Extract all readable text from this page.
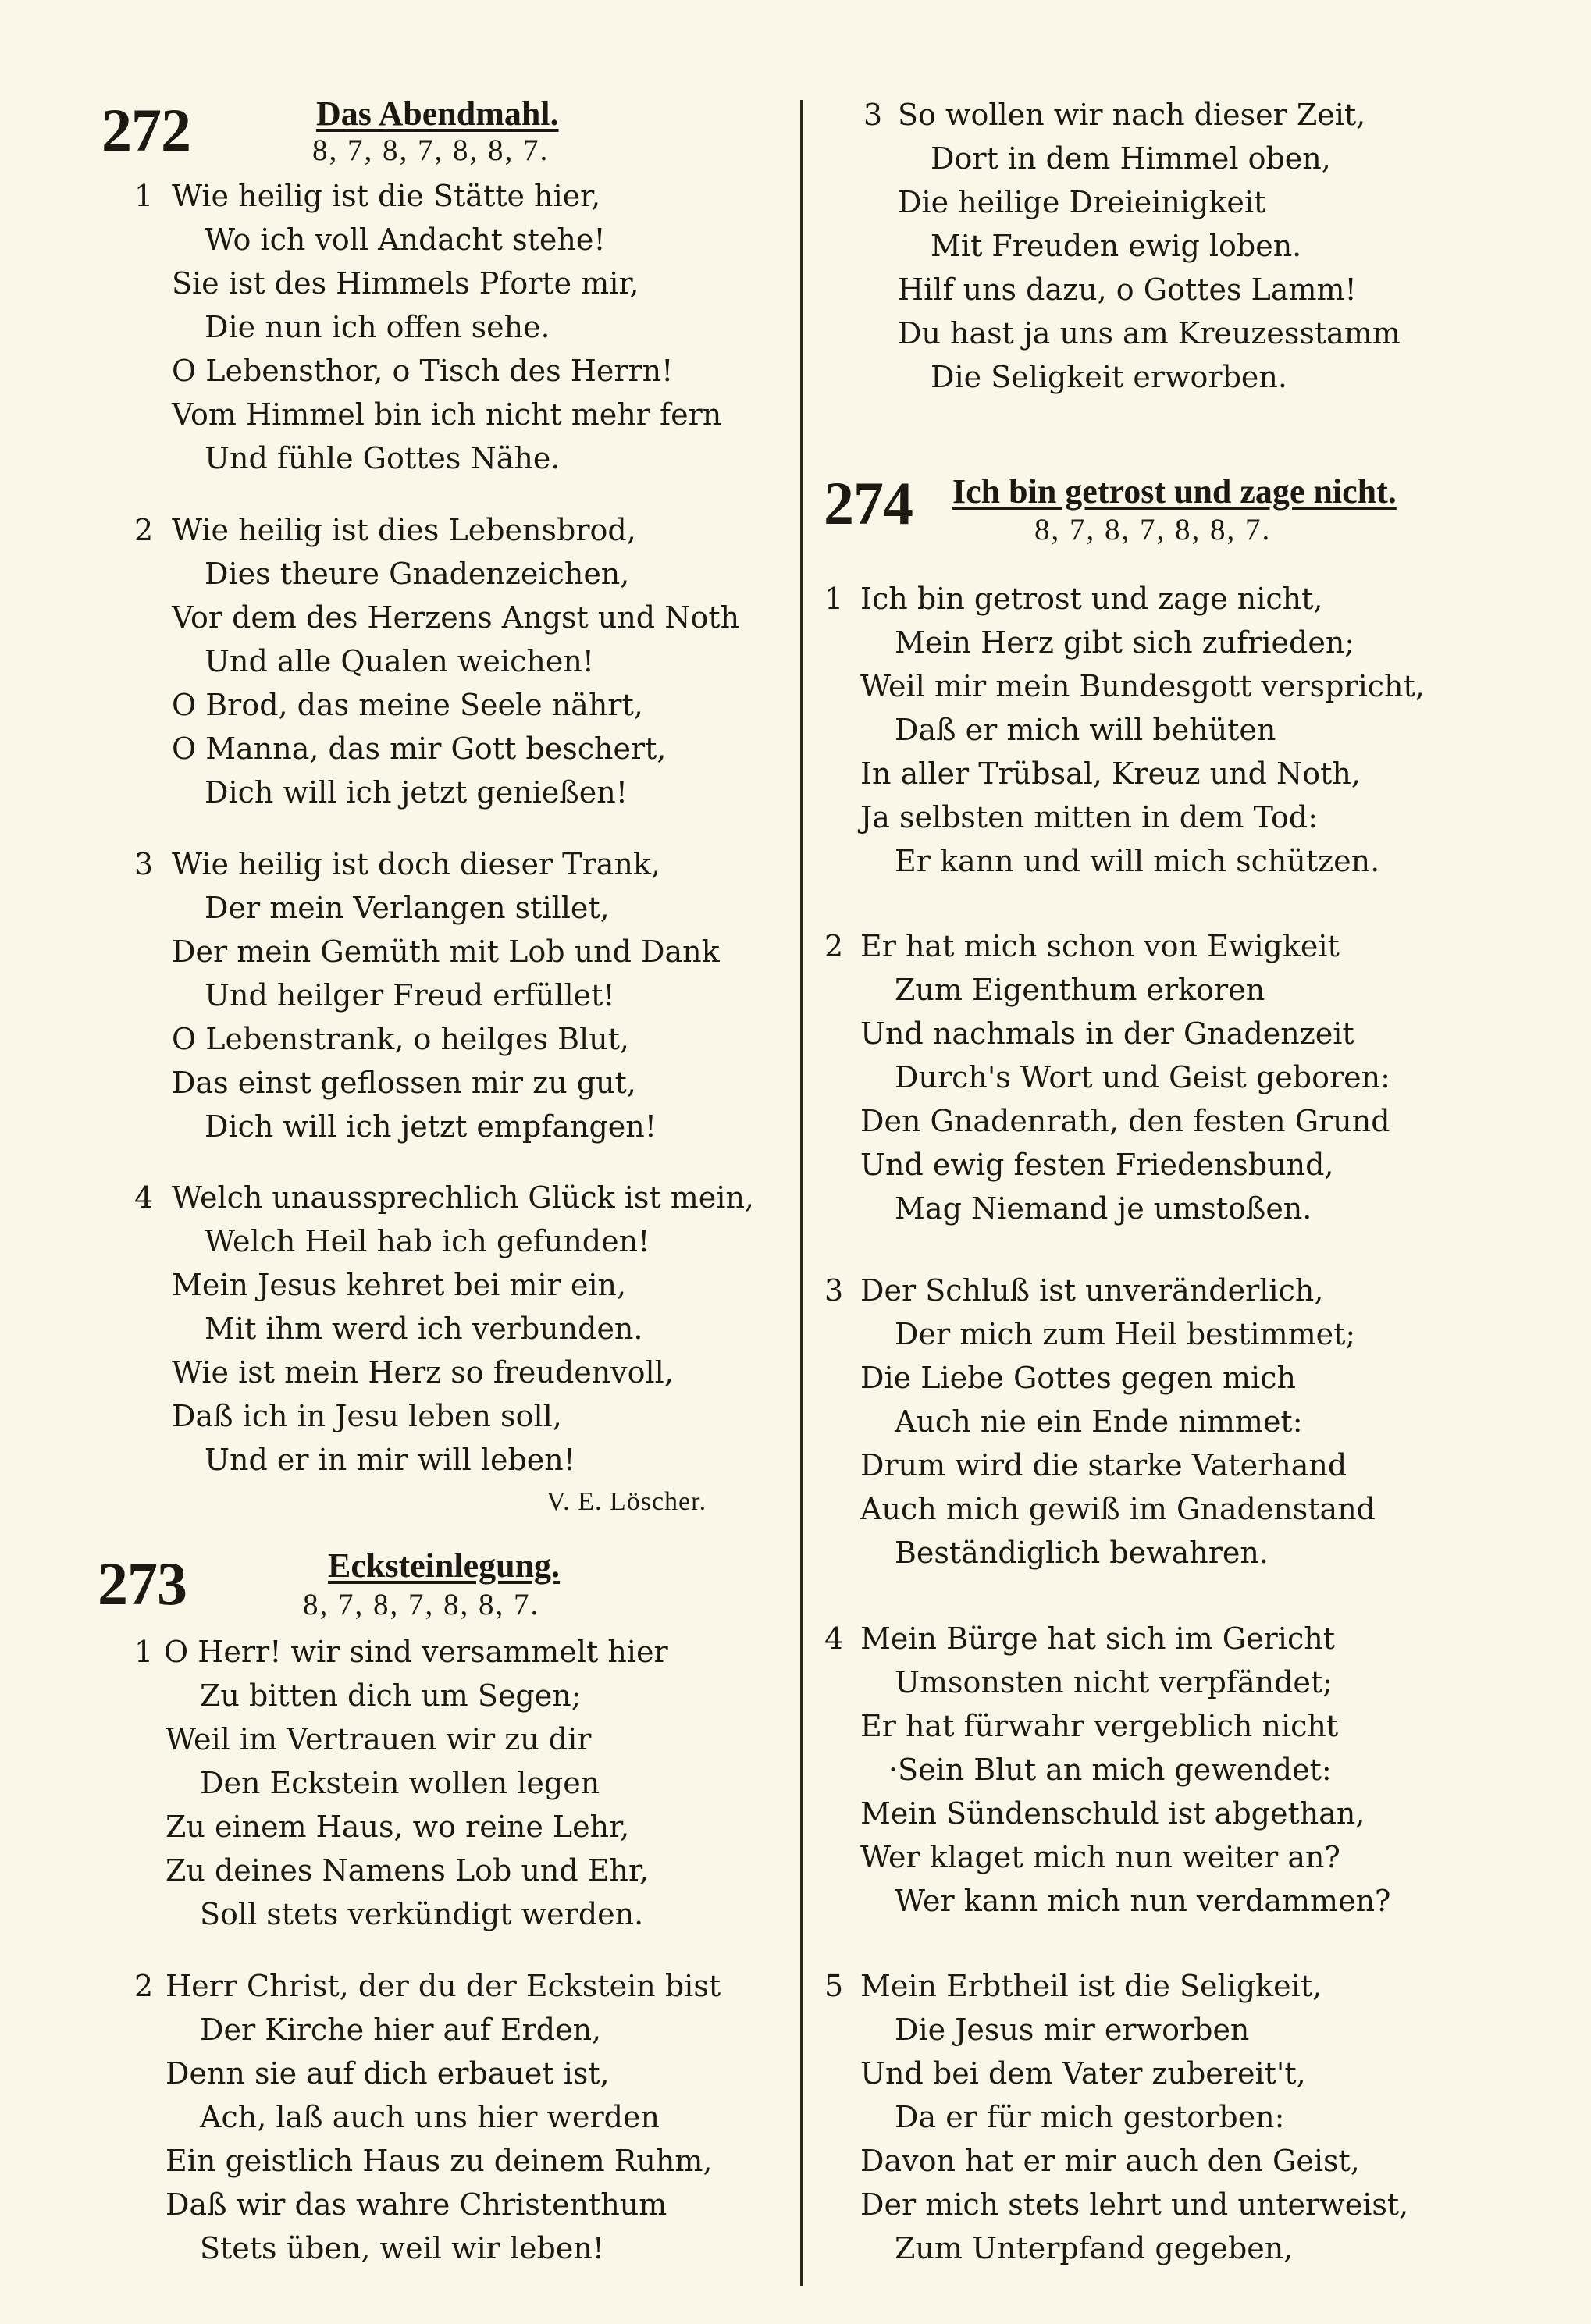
272	Das Abendmahl.
8, 7, 8, 7, 8, 8, 7.
1 Wie heilig ist die Stätte hier,
Wo ich voll Andacht stehe!
Sie ist des Himmels Pforte mir,
Die nun ich offen sehe.
O Lebensthor, o Tisch des Herrn!
Vom Himmel bin ich nicht mehr fern
Und fühle Gottes Nähe.
2 Wie heilig ist dies Lebensbrod,
Dies theure Gnadenzeichen,
Vor dem des Herzens Angst und Noth
Und alle Qualen weichen!
O Brod, das meine Seele nährt,
O Manna, das mir Gott beschert,
Dich will ich jetzt genießen!
3 Wie heilig ist doch dieser Trank,
Der mein Verlangen stillet,
Der mein Gemüth mit Lob und Dank
Und heilger Freud erfüllet!
O Lebenstrank, o heilges Blut,
Das einst geflossen mir zu gut,
Dich will ich jetzt empfangen!
4 Welch unaussprechlich Glück ist mein,
Welch Heil hab ich gefunden!
Mein Jesus kehret bei mir ein,
Mit ihm werd ich verbunden.
Wie ist mein Herz so freudenvoll,
Daß ich in Jesu leben soll,
Und er in mir will leben!
V. E. Löscher.
273	Ecksteinlegung.
8, 7, 8, 7, 8, 8, 7.
1 O Herr! wir sind versammelt hier
Zu bitten dich um Segen;
Weil im Vertrauen wir zu dir
Den Eckstein wollen legen
Zu einem Haus, wo reine Lehr,
Zu deines Namens Lob und Ehr,
Soll stets verkündigt werden.
2 Herr Christ, der du der Eckstein bist
Der Kirche hier auf Erden,
Denn sie auf dich erbauet ist,
Ach, laß auch uns hier werden
Ein geistlich Haus zu deinem Ruhm,
Daß wir das wahre Christenthum
Stets üben, weil wir leben!
3 So wollen wir nach dieser Zeit,
Dort in dem Himmel oben,
Die heilige Dreieinigkeit
Mit Freuden ewig loben.
Hilf uns dazu, o Gottes Lamm!
Du hast ja uns am Kreuzesstamm
Die Seligkeit erworben.
274 Ich bin getrost und zage nicht.
8, 7, 8, 7, 8, 8, 7.
1 Ich bin getrost und zage nicht,
Mein Herz gibt sich zufrieden;
Weil mir mein Bundesgott verspricht,
Daß er mich will behüten
In aller Trübsal, Kreuz und Noth,
Ja selbsten mitten in dem Tod:
Er kann und will mich schützen.
2 Er hat mich schon von Ewigkeit
Zum Eigenthum erkoren
Und nachmals in der Gnadenzeit
Durch's Wort und Geist geboren:
Den Gnadenrath, den festen Grund
Und ewig festen Friedensbund,
Mag Niemand je umstoßen.
3 Der Schluß ist unveränderlich,
Der mich zum Heil bestimmet;
Die Liebe Gottes gegen mich
Auch nie ein Ende nimmet:
Drum wird die starke Vaterhand
Auch mich gewiß im Gnadenstand
Beständiglich bewahren.
4 Mein Bürge hat sich im Gericht
Umsonsten nicht verpfändet;
Er hat fürwahr vergeblich nicht
·Sein Blut an mich gewendet:
Mein Sündenschuld ist abgethan,
Wer klaget mich nun weiter an?
Wer kann mich nun verdammen?
5 Mein Erbtheil ist die Seligkeit,
Die Jesus mir erworben
Und bei dem Vater zubereit't,
Da er für mich gestorben:
Davon hat er mir auch den Geist,
Der mich stets lehrt und unterweist,
Zum Unterpfand gegeben,
